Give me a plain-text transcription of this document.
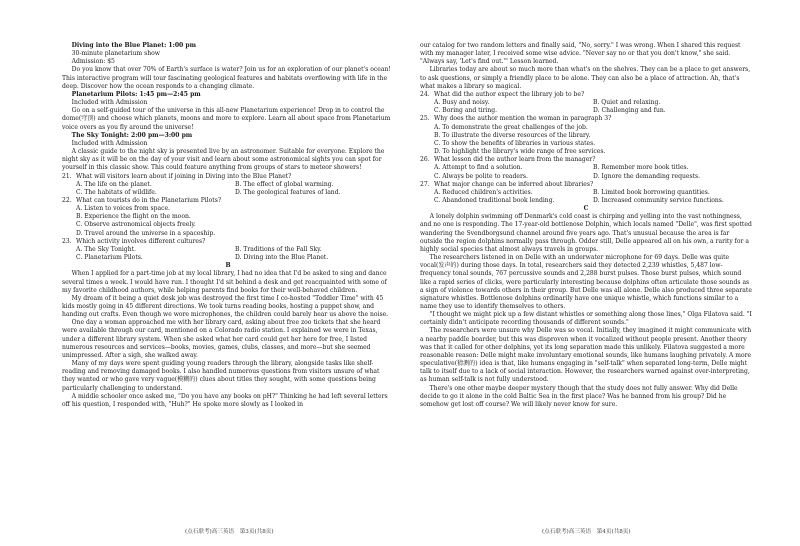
Diving into the Blue Planet: 1:00 pm

30-minute planetarium show

Admission: $5

Do you know that over 70% of Earth's surface is water? Join us for an exploration of our planet's ocean! This interactive program will tour fascinating geological features and habitats overflowing with life in the deep. Discover how the ocean responds to a changing climate.

Planetarium Pilots: 1:45 pm—2:45 pm

Included with Admission

Go on a self-guided tour of the universe in this all-new Planetarium experience! Drop in to control the dome(穹顶) and choose which planets, moons and more to explore. Learn all about space from Planetarium voice overs as you fly around the universe!

The Sky Tonight: 2:00 pm—3:00 pm

Included with Admission

A classic guide to the night sky is presented live by an astronomer. Suitable for everyone. Explore the night sky as it will be on the day of your visit and learn about some astronomical sights you can spot for yourself in this classic show. This could feature anything from groups of stars to meteor showers!

21. What will visitors learn about if joining in Diving into the Blue Planet?
A. The life on the planet.	B. The effect of global warming.
C. The habitats of wildlife.	D. The geological features of land.
22. What can tourists do in the Planetarium Pilots?

A. Listen to voices from space.

B. Experience the flight on the moon.

C. Observe astronomical objects freely.

D. Travel around the universe in a spaceship.

23. Which activity involves different cultures?
A. The Sky Tonight.	B. Traditions of the Fall Sky.
C. Planetarium Pilots.	D. Diving into the Blue Planet.

B

When I applied for a part-time job at my local library, I had no idea that I'd be asked to sing and dance several times a week. I would have run. I thought I'd sit behind a desk and get reacquainted with some of my favorite childhood authors, while helping parents find books for their well-behaved children.

My dream of it being a quiet desk job was destroyed the first time I co-hosted "Toddler Time" with 45 kids mostly going in 45 different directions. We took turns reading books, hosting a puppet show, and handing out crafts. Even though we wore microphones, the children could barely hear us above the noise.

One day a woman approached me with her library card, asking about free zoo tickets that she heard were available through our card, mentioned on a Colorado radio station. I explained we were in Texas, under a different library system. When she asked what her card could get her here for free, I listed numerous resources and services—books, movies, games, clubs, classes, and more—but she seemed unimpressed. After a sigh, she walked away.

Many of my days were spent guiding young readers through the library, alongside tasks like shelf-reading and removing damaged books. I also handled numerous questions from visitors unsure of what they wanted or who gave very vague(模糊的) clues about titles they sought, with some questions being particularly challenging to understand.

A middle schooler once asked me, "Do you have any books on pH?" Thinking he had left several letters off his question, I responded with, "Huh?" He spoke more slowly as I looked in

our catalog for two random letters and finally said, "No, sorry." I was wrong. When I shared this request with my manager later, I received some wise advice. "Never say no or that you don't know," she said. "Always say, 'Let's find out.'" Lesson learned.

Libraries today are about so much more than what's on the shelves. They can be a place to get answers, to ask questions, or simply a friendly place to be alone. They can also be a place of attraction. Ah, that's what makes a library so magical.

24. What did the author expect the library job to be?
A. Busy and noisy.	B. Quiet and relaxing.
C. Boring and tiring.	D. Challenging and fun.
25. Why does the author mention the woman in paragraph 3?

A. To demonstrate the great challenges of the job.

B. To illustrate the diverse resources of the library.

C. To show the benefits of libraries in various states.

D. To highlight the library's wide range of free services.

26. What lesson did the author learn from the manager?
A. Attempt to find a solution.	B. Remember more book titles.
C. Always be polite to readers.	D. Ignore the demanding requests.
27. What major change can be inferred about libraries?
A. Reduced children's activities.	B. Limited book borrowing quantities.
C. Abandoned traditional book lending.	D. Increased community service functions.

C

A lonely dolphin swimming off Denmark's cold coast is chirping and yelling into the vast nothingness, and no one is responding. The 17-year-old bottlenose Dolphin, which locals named "Delle", was first spotted wandering the Svendborgsund channel around five years ago. That's unusual because the area is far outside the region dolphins normally pass through. Odder still, Delle appeared all on his own, a rarity for a highly social species that almost always travels in groups.

The researchers listened in on Delle with an underwater microphone for 69 days. Delle was quite vocal(发声的) during those days. In total, researchers said they detected 2,239 whistles, 5,487 low-frequency tonal sounds, 767 percussive sounds and 2,288 burst pulses. Those burst pulses, which sound like a rapid series of clicks, were particularly interesting because dolphins often articulate those sounds as a sign of violence towards others in their group. But Delle was all alone. Delle also produced three separate signature whistles. Bottlenose dolphins ordinarily have one unique whistle, which functions similar to a name they use to identify themselves to others.

"I thought we might pick up a few distant whistles or something along those lines," Olga Filatova said. "I certainly didn't anticipate recording thousands of different sounds."

The researchers were unsure why Delle was so vocal. Initially, they imagined it might communicate with a nearby paddle boarder, but this was disproven when it vocalized without people present. Another theory was that it called for other dolphins, yet its long separation made this unlikely. Filatova suggested a more reasonable reason: Delle might make involuntary emotional sounds, like humans laughing privately. A more speculative(猜测的) idea is that, like humans engaging in "self-talk" when separated long-term, Delle might talk to itself due to a lack of social interaction. However, the researchers warned against over-interpreting, as human self-talk is not fully understood.

There's one other maybe deeper mystery though that the study does not fully answer. Why did Delle decide to go it alone in the cold Baltic Sea in the first place? Was he banned from his group? Did he somehow get lost off course? We will likely never know for sure.

(点石联考)高三英语　第3页(共8页)	(点石联考)高三英语　第4页(共8页)
